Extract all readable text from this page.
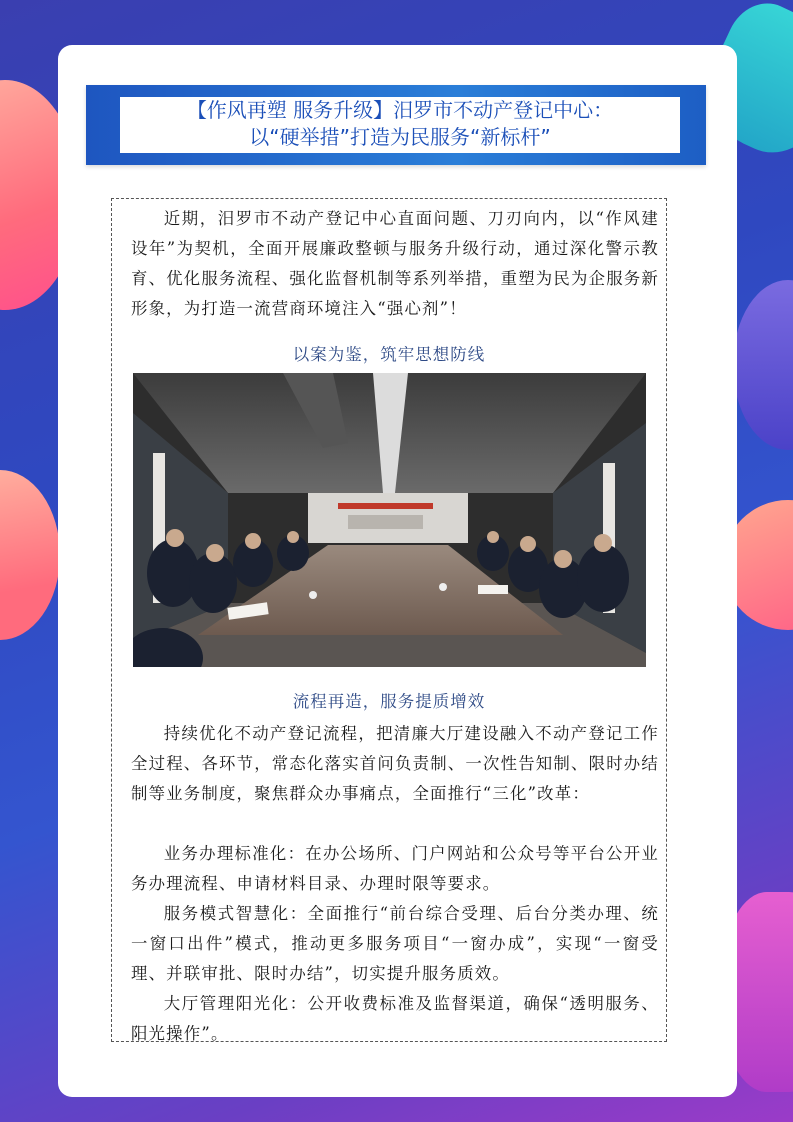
【作风再塑 服务升级】汨罗市不动产登记中心：
以“硬举措”打造为民服务“新标杆”

近期，汨罗市不动产登记中心直面问题、刀刃向内，以“作风建设年”为契机，全面开展廉政整顿与服务升级行动，通过深化警示教育、优化服务流程、强化监督机制等系列举措，重塑为民为企服务新形象，为打造一流营商环境注入“强心剂”！

以案为鉴，筑牢思想防线
流程再造，服务提质增效

持续优化不动产登记流程，把清廉大厅建设融入不动产登记工作全过程、各环节，常态化落实首问负责制、一次性告知制、限时办结制等业务制度，聚焦群众办事痛点，全面推行“三化”改革：

业务办理标准化：在办公场所、门户网站和公众号等平台公开业务办理流程、申请材料目录、办理时限等要求。

服务模式智慧化：全面推行“前台综合受理、后台分类办理、统一窗口出件”模式，推动更多服务项目“一窗办成”，实现“一窗受理、并联审批、限时办结”，切实提升服务质效。

大厅管理阳光化：公开收费标准及监督渠道，确保“透明服务、阳光操作”。
